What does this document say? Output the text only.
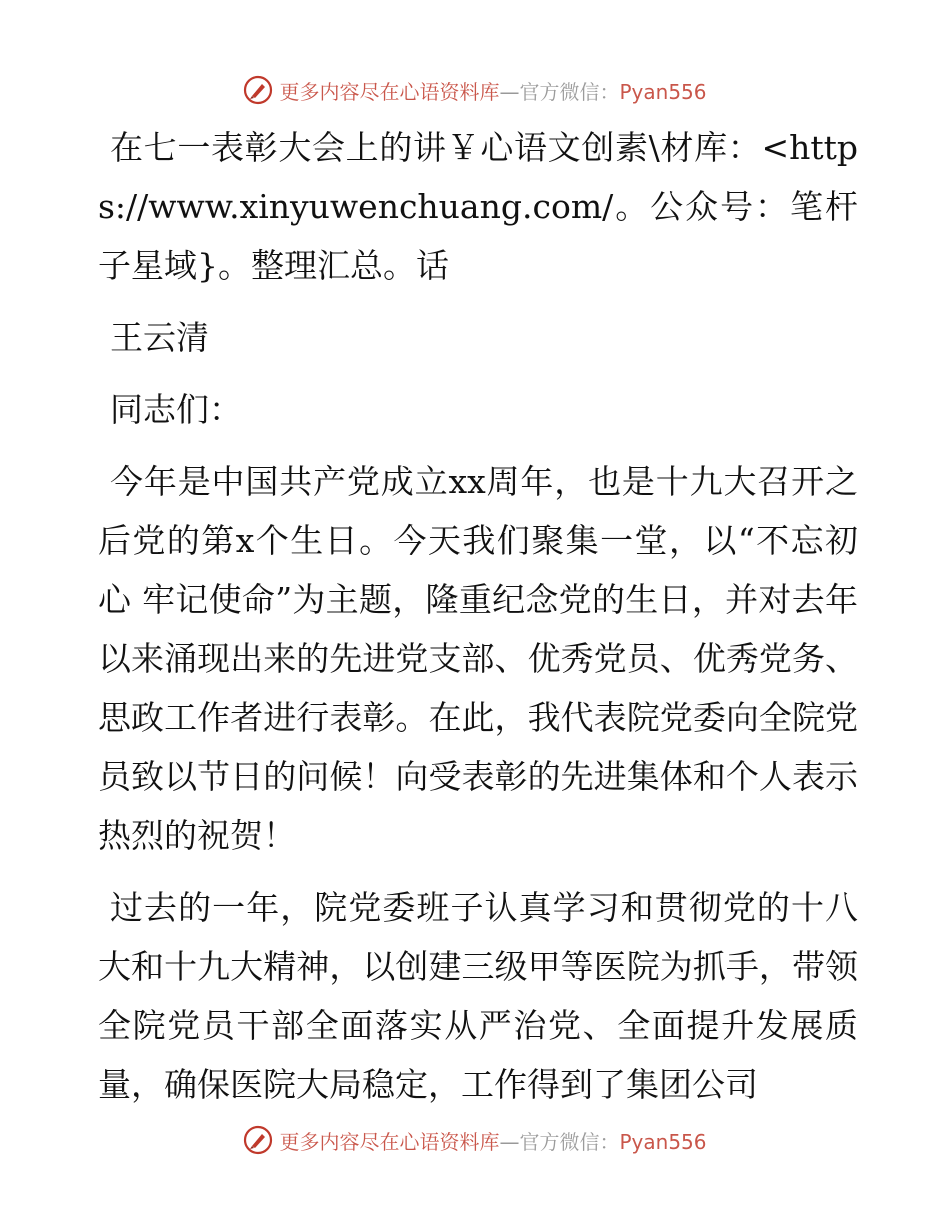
更多内容尽在心语资料库—官方微信：Pyan556

在七一表彰大会上的讲￥心语文创素\材库：<https://www.xinyuwenchuang.com/。公众号：笔杆子星域}。整理汇总。话

王云清

同志们：

今年是中国共产党成立xx周年，也是十九大召开之后党的第x个生日。今天我们聚集一堂，以“不忘初心 牢记使命”为主题，隆重纪念党的生日，并对去年以来涌现出来的先进党支部、优秀党员、优秀党务、思政工作者进行表彰。在此，我代表院党委向全院党员致以节日的问候！向受表彰的先进集体和个人表示热烈的祝贺！

过去的一年，院党委班子认真学习和贯彻党的十八大和十九大精神，以创建三级甲等医院为抓手，带领全院党员干部全面落实从严治党、全面提升发展质量，确保医院大局稳定，工作得到了集团公司

更多内容尽在心语资料库—官方微信：Pyan556
